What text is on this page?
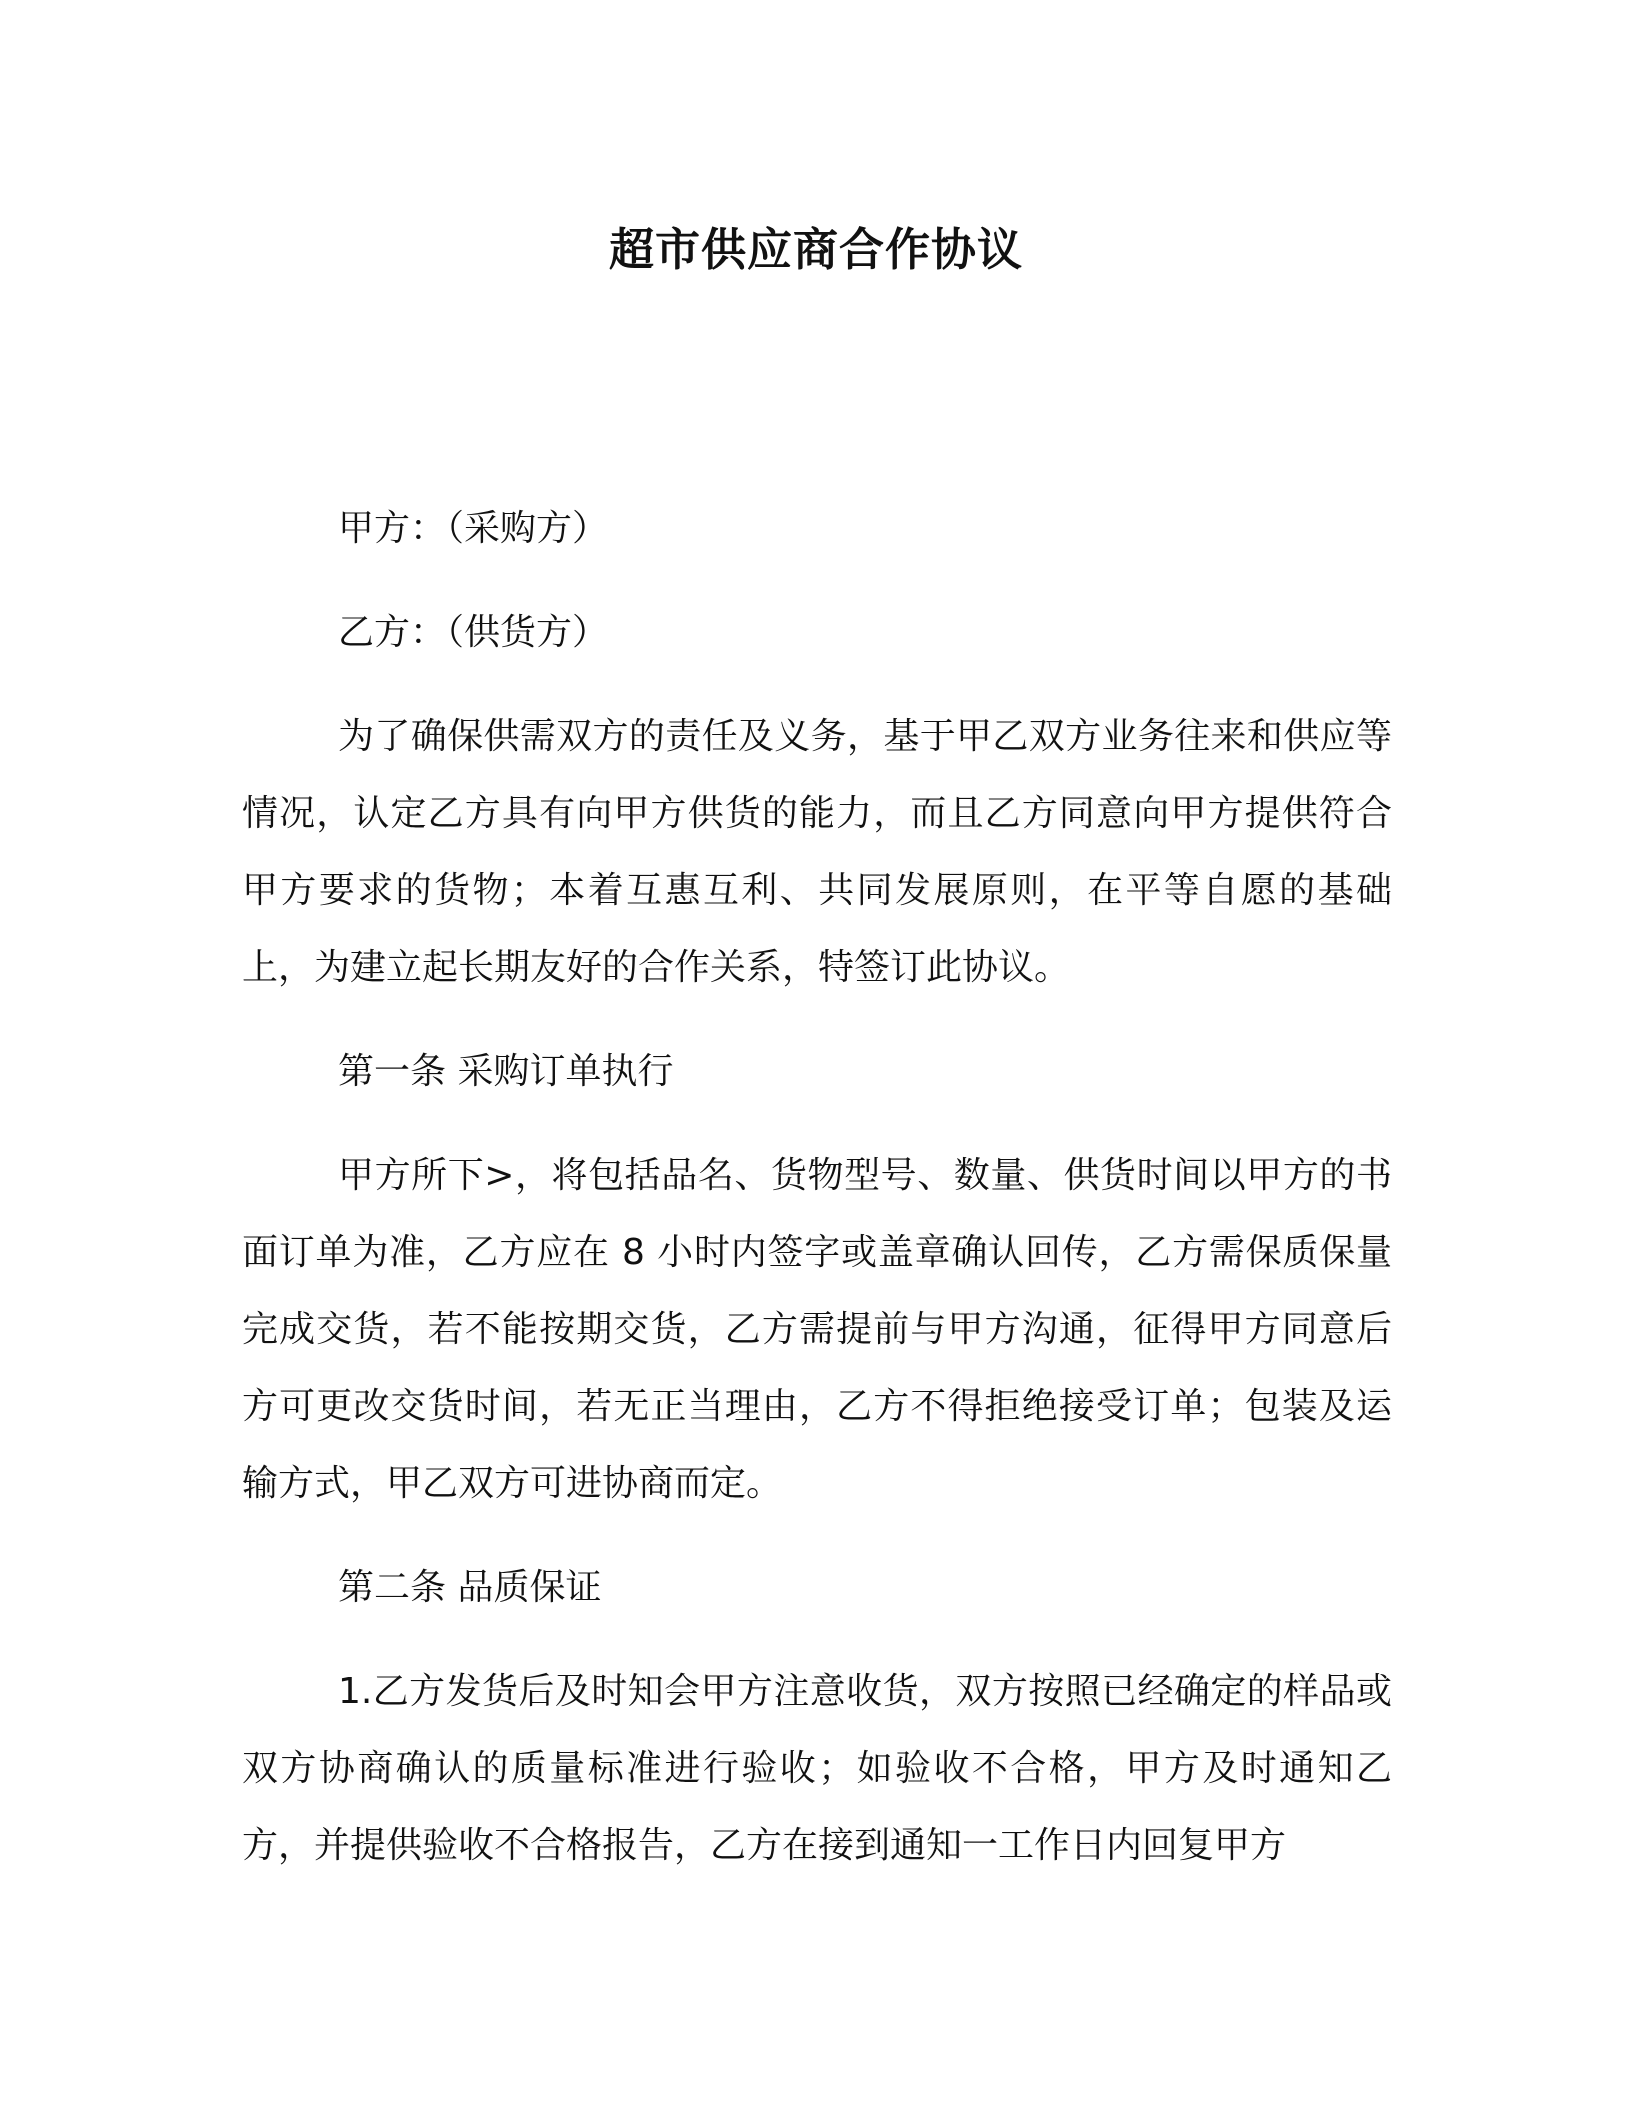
超市供应商合作协议

甲方：（采购方）

乙方：（供货方）

为了确保供需双方的责任及义务，基于甲乙双方业务往来和供应等情况，认定乙方具有向甲方供货的能力，而且乙方同意向甲方提供符合甲方要求的货物；本着互惠互利、共同发展原则，在平等自愿的基础上，为建立起长期友好的合作关系，特签订此协议。

第一条 采购订单执行

甲方所下>，将包括品名、货物型号、数量、供货时间以甲方的书面订单为准，乙方应在 8 小时内签字或盖章确认回传，乙方需保质保量完成交货，若不能按期交货，乙方需提前与甲方沟通，征得甲方同意后方可更改交货时间，若无正当理由，乙方不得拒绝接受订单；包装及运输方式，甲乙双方可进协商而定。

第二条 品质保证

1.乙方发货后及时知会甲方注意收货，双方按照已经确定的样品或双方协商确认的质量标准进行验收；如验收不合格，甲方及时通知乙方，并提供验收不合格报告，乙方在接到通知一工作日内回复甲方
